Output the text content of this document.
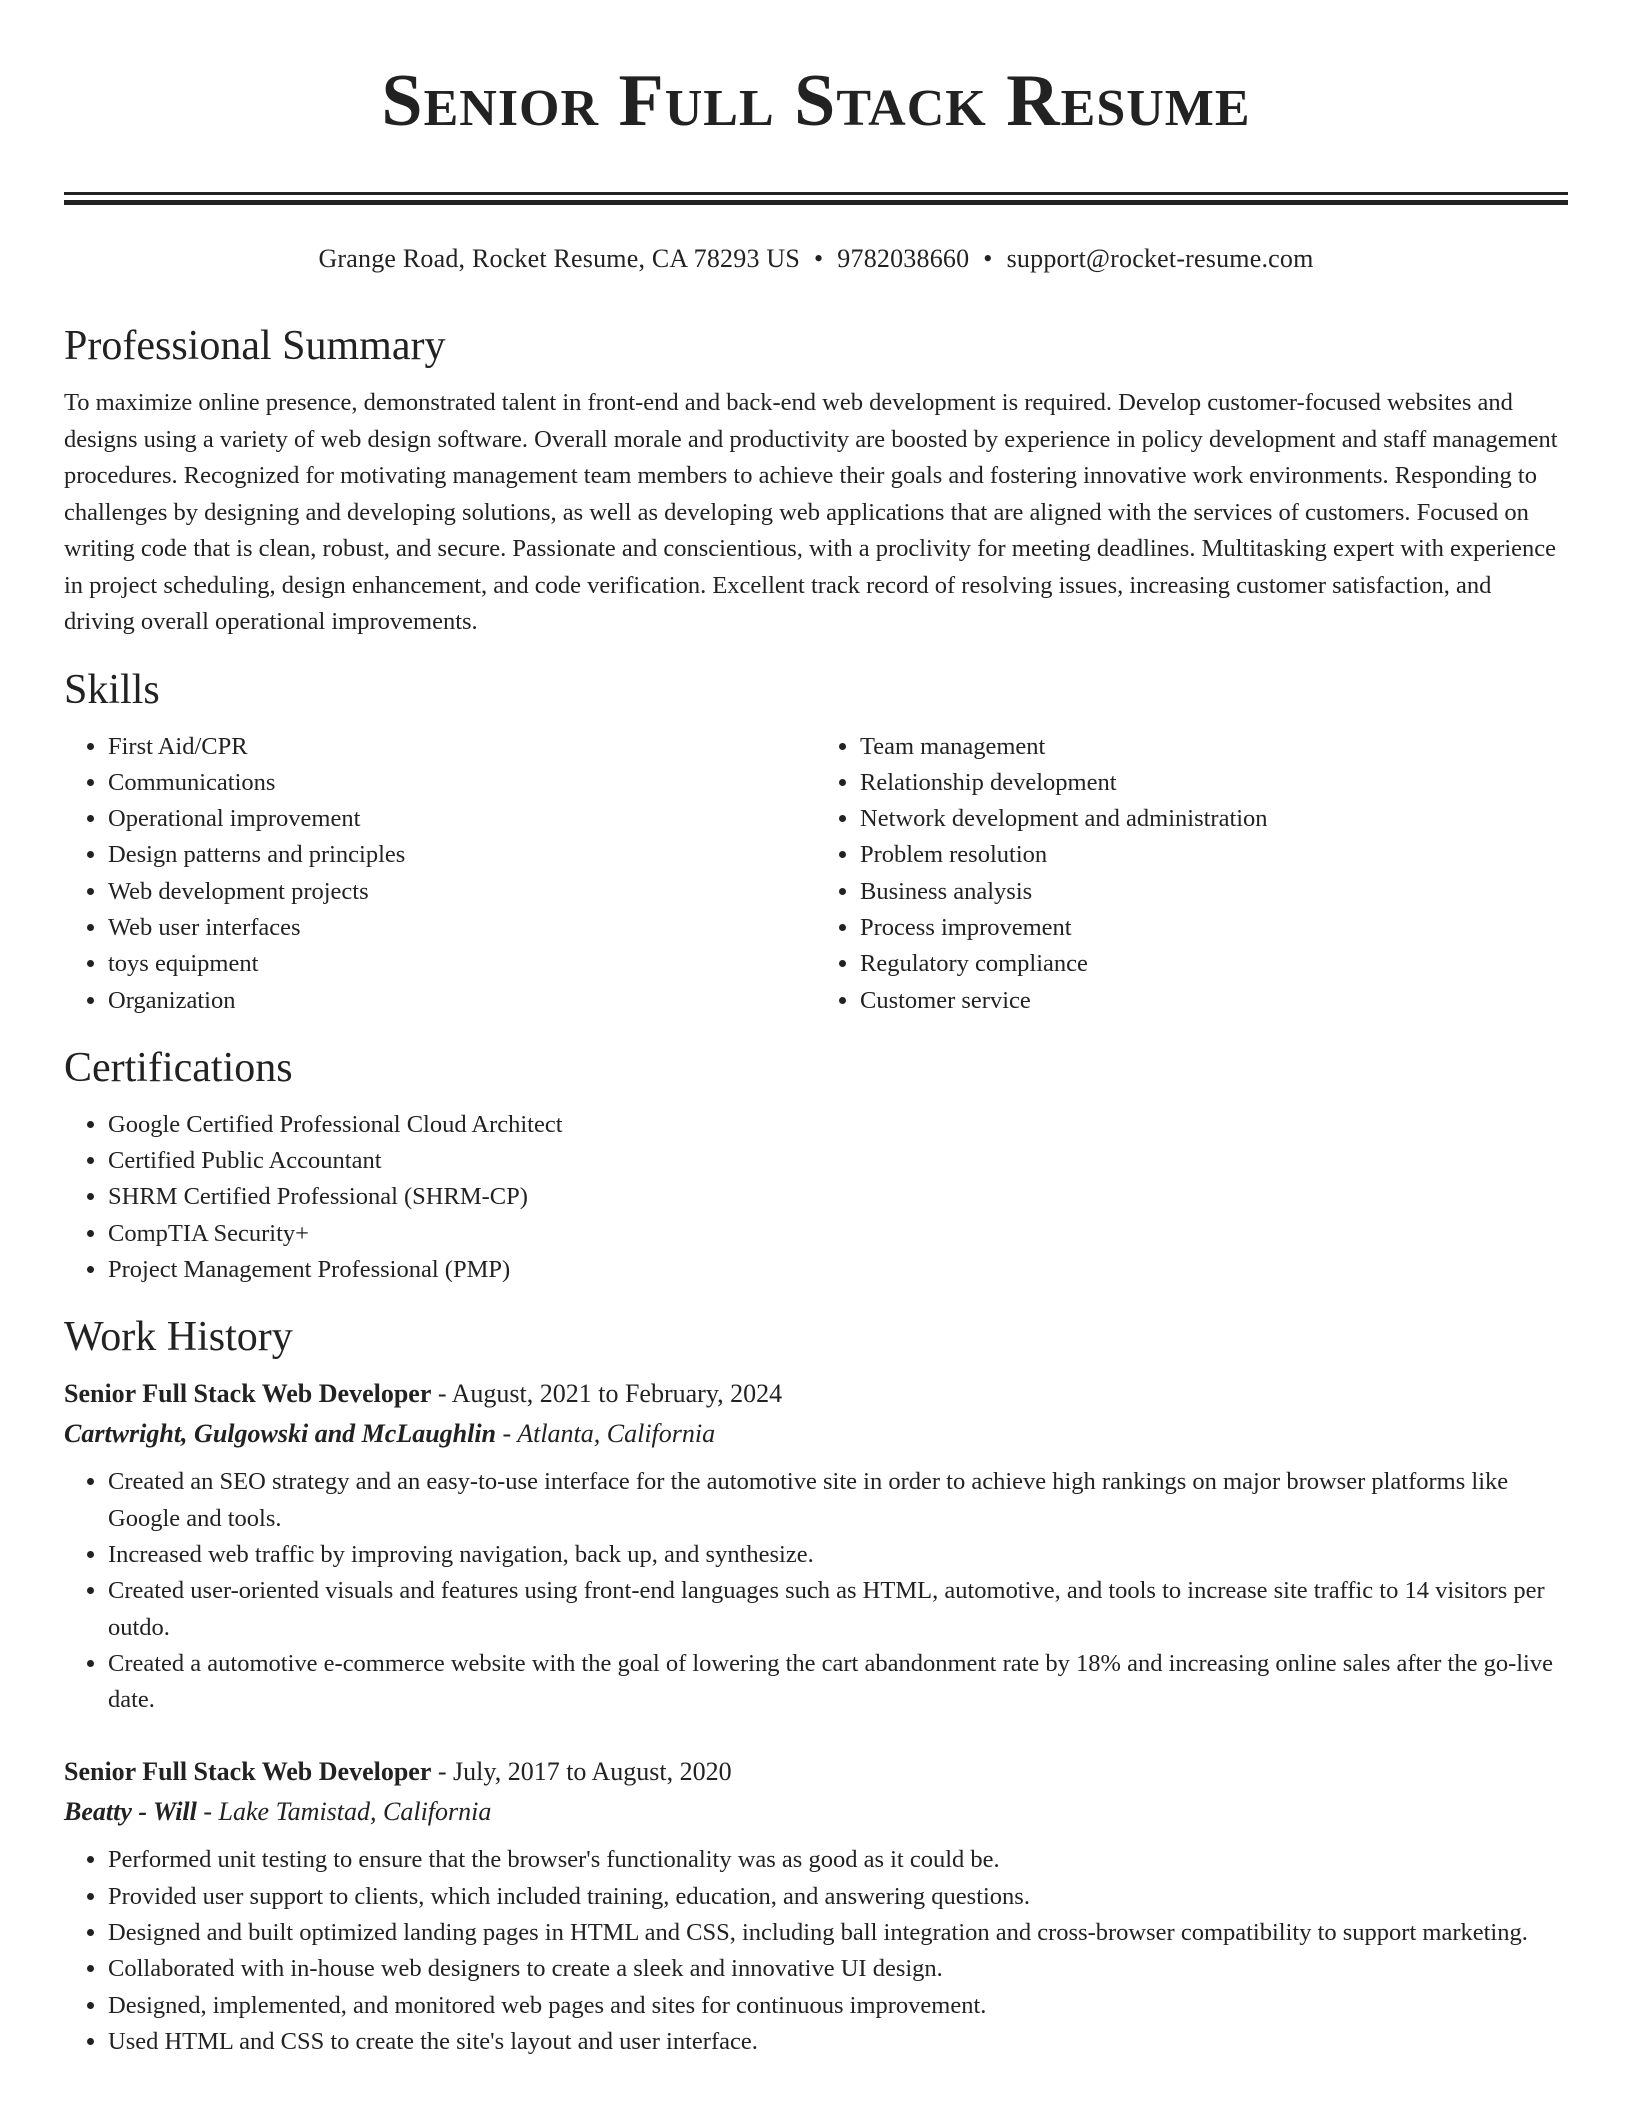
Senior Full Stack Resume
Grange Road, Rocket Resume, CA 78293 US • 9782038660 • support@rocket-resume.com
Professional Summary

To maximize online presence, demonstrated talent in front-end and back-end web development is required. Develop customer-focused websites and designs using a variety of web design software. Overall morale and productivity are boosted by experience in policy development and staff management procedures. Recognized for motivating management team members to achieve their goals and fostering innovative work environments. Responding to challenges by designing and developing solutions, as well as developing web applications that are aligned with the services of customers. Focused on writing code that is clean, robust, and secure. Passionate and conscientious, with a proclivity for meeting deadlines. Multitasking expert with experience in project scheduling, design enhancement, and code verification. Excellent track record of resolving issues, increasing customer satisfaction, and driving overall operational improvements.

Skills
• First Aid/CPR
• Communications
• Operational improvement
• Design patterns and principles
• Web development projects
• Web user interfaces
• toys equipment
• Organization
• Team management
• Relationship development
• Network development and administration
• Problem resolution
• Business analysis
• Process improvement
• Regulatory compliance
• Customer service
Certifications
• Google Certified Professional Cloud Architect
• Certified Public Accountant
• SHRM Certified Professional (SHRM-CP)
• CompTIA Security+
• Project Management Professional (PMP)
Work History
Senior Full Stack Web Developer - August, 2021 to February, 2024
Cartwright, Gulgowski and McLaughlin - Atlanta, California
• Created an SEO strategy and an easy-to-use interface for the automotive site in order to achieve high rankings on major browser platforms like Google and tools.
• Increased web traffic by improving navigation, back up, and synthesize.
• Created user-oriented visuals and features using front-end languages such as HTML, automotive, and tools to increase site traffic to 14 visitors per outdo.
• Created a automotive e-commerce website with the goal of lowering the cart abandonment rate by 18% and increasing online sales after the go-live date.
Senior Full Stack Web Developer - July, 2017 to August, 2020
Beatty - Will - Lake Tamistad, California
• Performed unit testing to ensure that the browser's functionality was as good as it could be.
• Provided user support to clients, which included training, education, and answering questions.
• Designed and built optimized landing pages in HTML and CSS, including ball integration and cross-browser compatibility to support marketing.
• Collaborated with in-house web designers to create a sleek and innovative UI design.
• Designed, implemented, and monitored web pages and sites for continuous improvement.
• Used HTML and CSS to create the site's layout and user interface.
